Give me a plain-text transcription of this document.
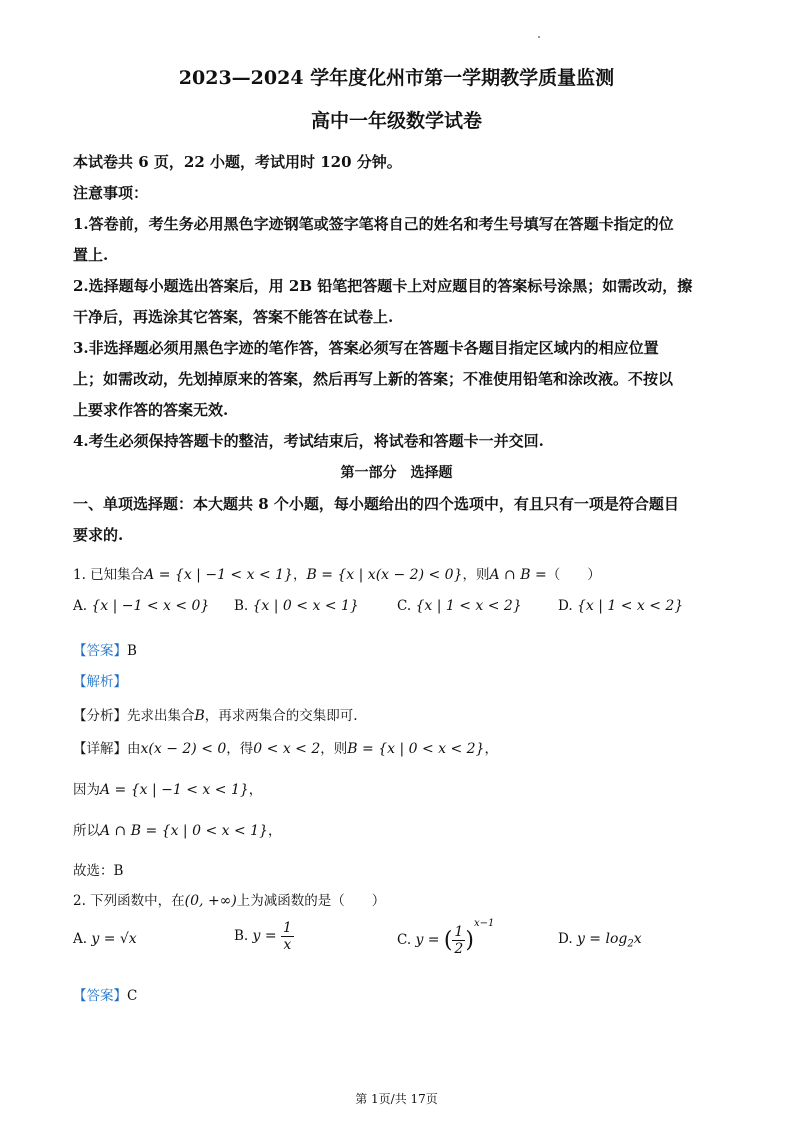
2023—2024 学年度化州市第一学期教学质量监测
高中一年级数学试卷
本试卷共 6 页，22 小题，考试用时 120 分钟。
注意事项：
1.答卷前，考生务必用黑色字迹钢笔或签字笔将自己的姓名和考生号填写在答题卡指定的位
置上.
2.选择题每小题选出答案后，用 2B 铅笔把答题卡上对应题目的答案标号涂黑；如需改动，擦
干净后，再选涂其它答案，答案不能答在试卷上.
3.非选择题必须用黑色字迹的笔作答，答案必须写在答题卡各题目指定区域内的相应位置
上；如需改动，先划掉原来的答案，然后再写上新的答案；不准使用铅笔和涂改液。不按以
上要求作答的答案无效.
4.考生必须保持答题卡的整洁，考试结束后，将试卷和答题卡一并交回.
第一部分　选择题
一、单项选择题：本大题共 8 个小题，每小题给出的四个选项中，有且只有一项是符合题目
要求的.
1. 已知集合A = {x | −1 < x < 1}，B = {x | x(x − 2) < 0}，则A ∩ B =（　　）
A. {x | −1 < x < 0} B. {x | 0 < x < 1}	C. {x | 1 < x < 2}	D. {x | 1 < x < 2}
【答案】B
【解析】
【分析】先求出集合B，再求两集合的交集即可.
【详解】由x(x − 2) < 0，得0 < x < 2，则B = {x | 0 < x < 2}，
因为A = {x | −1 < x < 1}，
所以A ∩ B = {x | 0 < x < 1}，
故选：B
2. 下列函数中，在(0, +∞)上为减函数的是（　　）
A. y = √x	B. $y = \frac{1}{x}$	C. y = ( $\frac{1}{2} )^{x-1}$
D. $y = \log_2x$
【答案】C
第 1页/共 17页
